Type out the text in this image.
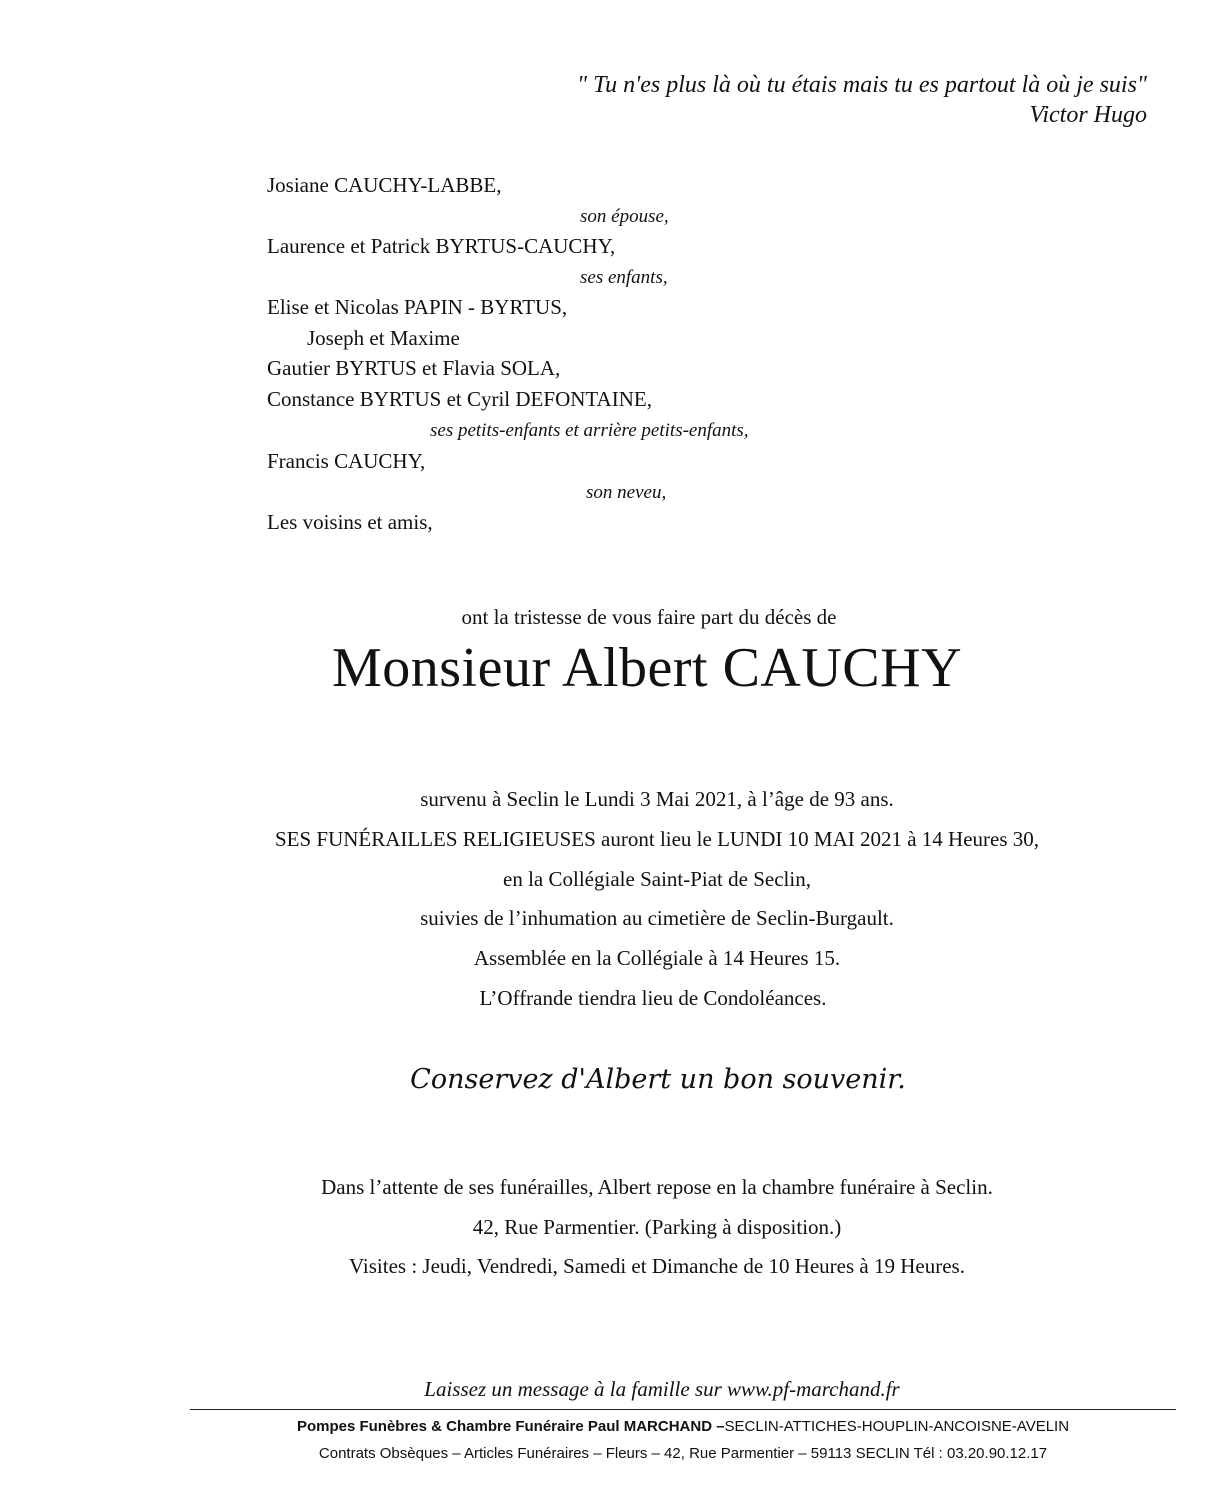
" Tu n'es plus là où tu étais mais tu es partout là où je suis"
Victor Hugo
Josiane CAUCHY-LABBE,
son épouse,
Laurence et Patrick BYRTUS-CAUCHY,
ses enfants,
Elise et Nicolas PAPIN - BYRTUS,
Joseph et Maxime
Gautier BYRTUS et Flavia SOLA,
Constance BYRTUS et Cyril DEFONTAINE,
ses petits-enfants et arrière petits-enfants,
Francis CAUCHY,
son neveu,
Les voisins et amis,
ont la tristesse de vous faire part du décès de
Monsieur Albert CAUCHY
survenu à Seclin le Lundi 3 Mai 2021, à l’âge de 93 ans.
SES FUNÉRAILLES RELIGIEUSES auront lieu le LUNDI 10 MAI 2021 à 14 Heures 30,
en la Collégiale Saint-Piat de Seclin,
suivies de l’inhumation au cimetière de Seclin-Burgault.
Assemblée en la Collégiale à 14 Heures 15.
L’Offrande tiendra lieu de Condoléances.
Conservez d'Albert un bon souvenir.
Dans l’attente de ses funérailles, Albert repose en la chambre funéraire à Seclin.
42, Rue Parmentier. (Parking à disposition.)
Visites : Jeudi, Vendredi, Samedi et Dimanche de 10 Heures à 19 Heures.
Laissez un message à la famille sur www.pf-marchand.fr
Pompes Funèbres & Chambre Funéraire Paul MARCHAND –SECLIN-ATTICHES-HOUPLIN-ANCOISNE-AVELIN
Contrats Obsèques – Articles Funéraires – Fleurs – 42, Rue Parmentier – 59113 SECLIN Tél : 03.20.90.12.17
